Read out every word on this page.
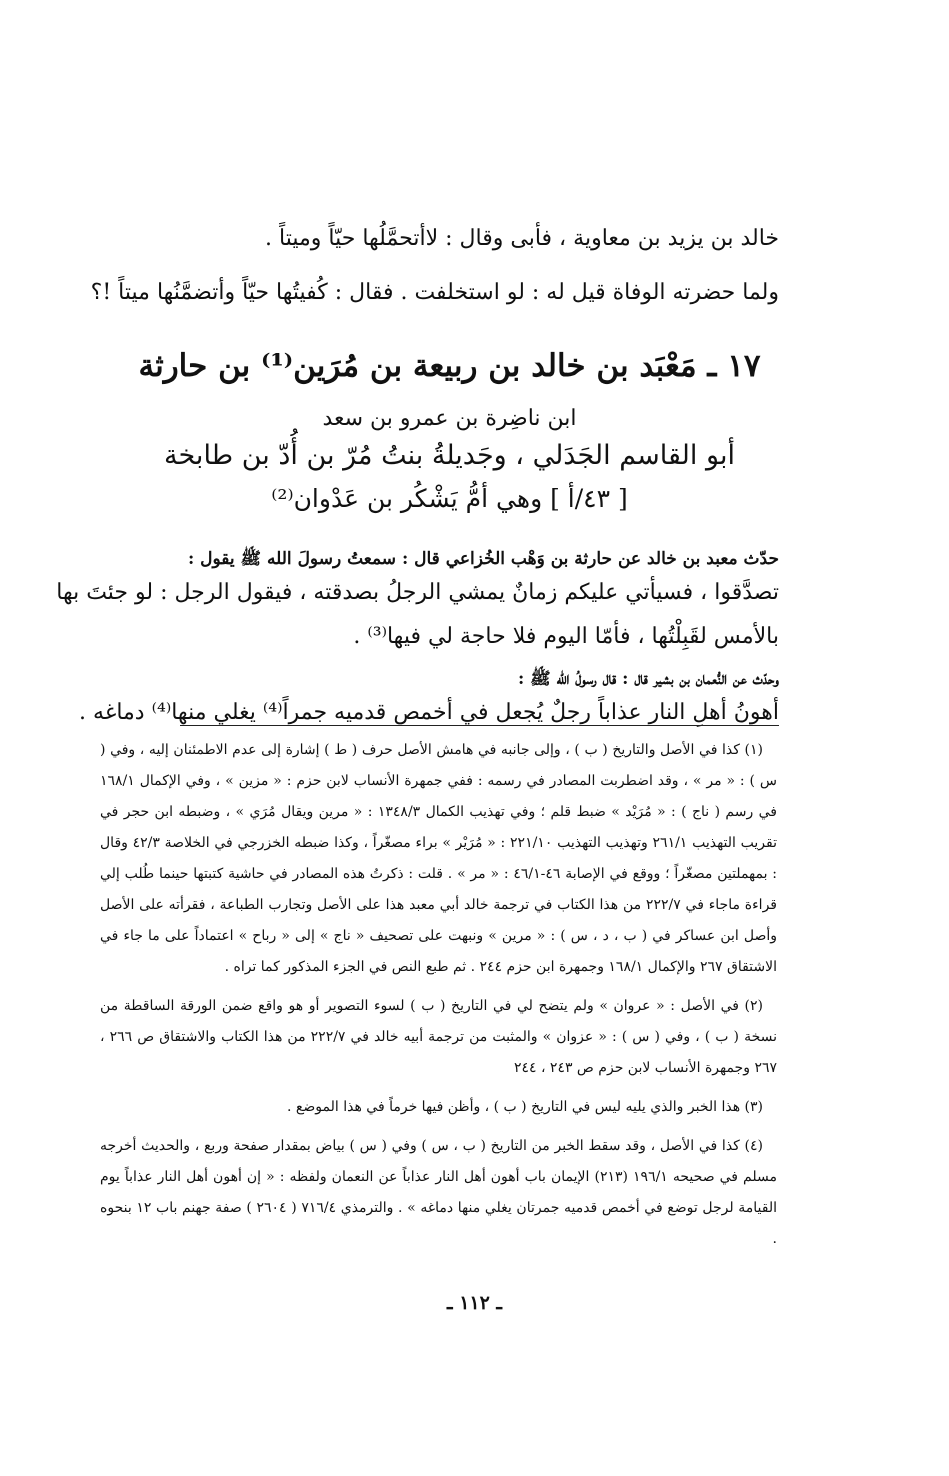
خالد بن يزيد بن معاوية ، فأبى وقال : لاأتحمَّلُها حيّاً وميتاً .
ولما حضرته الوفاة قيل له : لو استخلفت . فقال : كُفيتُها حيّاً وأتضمَّنُها ميتاً !؟
١٧ ـ مَعْبَد بن خالد بن ربيعة بن مُرَين⁽¹⁾ بن حارثة
ابن ناضِرة بن عمرو بن سعد
أبو القاسم الجَدَلي ، وجَديلةُ بنتُ مُرّ بن أُدّ بن طابخة
[ ٤٣/أ ] وهي أمُّ يَشْكُر بن عَدْوان⁽²⁾
حدّث معبد بن خالد عن حارثة بن وَهْب الخُزاعي قال : سمعتُ رسولَ الله ﷺ يقول :
تصدَّقوا ، فسيأتي عليكم زمانٌ يمشي الرجلُ بصدقته ، فيقول الرجل : لو جئتَ بها
بالأمس لقَبِلْتُها ، فأمّا اليوم فلا حاجة لي فيها⁽³⁾ .
وحدّث عن النُّعمان بن بشير قال : قال رسولُ الله ﷺ :
أهونُ أهلِ النار عذاباً رجلٌ يُجعل في أخمص قدميه جمراً⁽⁴⁾ يغلي منها⁽⁴⁾ دماغه .

(١) كذا في الأصل والتاريخ ( ب ) ، وإلى جانبه في هامش الأصل حرف ( ط ) إشارة إلى عدم الاطمئنان إليه ، وفي ( س ) : « مر » ، وقد اضطربت المصادر في رسمه : ففي جمهرة الأنساب لابن حزم : « مزين » ، وفي الإكمال ١٦٨/١ في رسم ( ناج ) : « مُرَيْد » ضبط قلم ؛ وفي تهذيب الكمال ١٣٤٨/٣ : « مرين ويقال مُرَي » ، وضبطه ابن حجر في تقريب التهذيب ٢٦١/١ وتهذيب التهذيب ٢٢١/١٠ : « مُرَيْر » براء مصغّراً ، وكذا ضبطه الخزرجي في الخلاصة ٤٢/٣ وقال : بمهملتين مصغّراً ؛ ووقع في الإصابة ٤٦-٤٦/١ : « مر » . قلت : ذكرتُ هذه المصادر في حاشية كتبتها حينما طُلب إلي قراءة ماجاء في ٢٢٢/٧ من هذا الكتاب في ترجمة خالد أبي معبد هذا على الأصل وتجارب الطباعة ، فقرأته على الأصل وأصل ابن عساكر في ( ب ، د ، س ) : « مرين » ونبهت على تصحيف « ناج » إلى « رباح » اعتماداً على ما جاء في الاشتقاق ٢٦٧ والإكمال ١٦٨/١ وجمهرة ابن حزم ٢٤٤ . ثم طبع النص في الجزء المذكور كما تراه .

(٢) في الأصل : « عروان » ولم يتضح لي في التاريخ ( ب ) لسوء التصوير أو هو واقع ضمن الورقة الساقطة من نسخة ( ب ) ، وفي ( س ) : « عزوان » والمثبت من ترجمة أبيه خالد في ٢٢٢/٧ من هذا الكتاب والاشتقاق ص ٢٦٦ ، ٢٦٧ وجمهرة الأنساب لابن حزم ص ٢٤٣ ، ٢٤٤

(٣) هذا الخبر والذي يليه ليس في التاريخ ( ب ) ، وأظن فيها خرماً في هذا الموضع .

(٤) كذا في الأصل ، وقد سقط الخبر من التاريخ ( ب ، س ) وفي ( س ) بياض بمقدار صفحة وربع ، والحديث أخرجه مسلم في صحيحه ١٩٦/١ (٢١٣) الإيمان باب أهون أهل النار عذاباً عن النعمان ولفظه : « إن أهون أهل النار عذاباً يوم القيامة لرجل توضع في أخمص قدميه جمرتان يغلي منها دماغه » . والترمذي ٧١٦/٤ ( ٢٦٠٤ ) صفة جهنم باب ١٢ بنحوه .

ـ ١١٢ ـ
